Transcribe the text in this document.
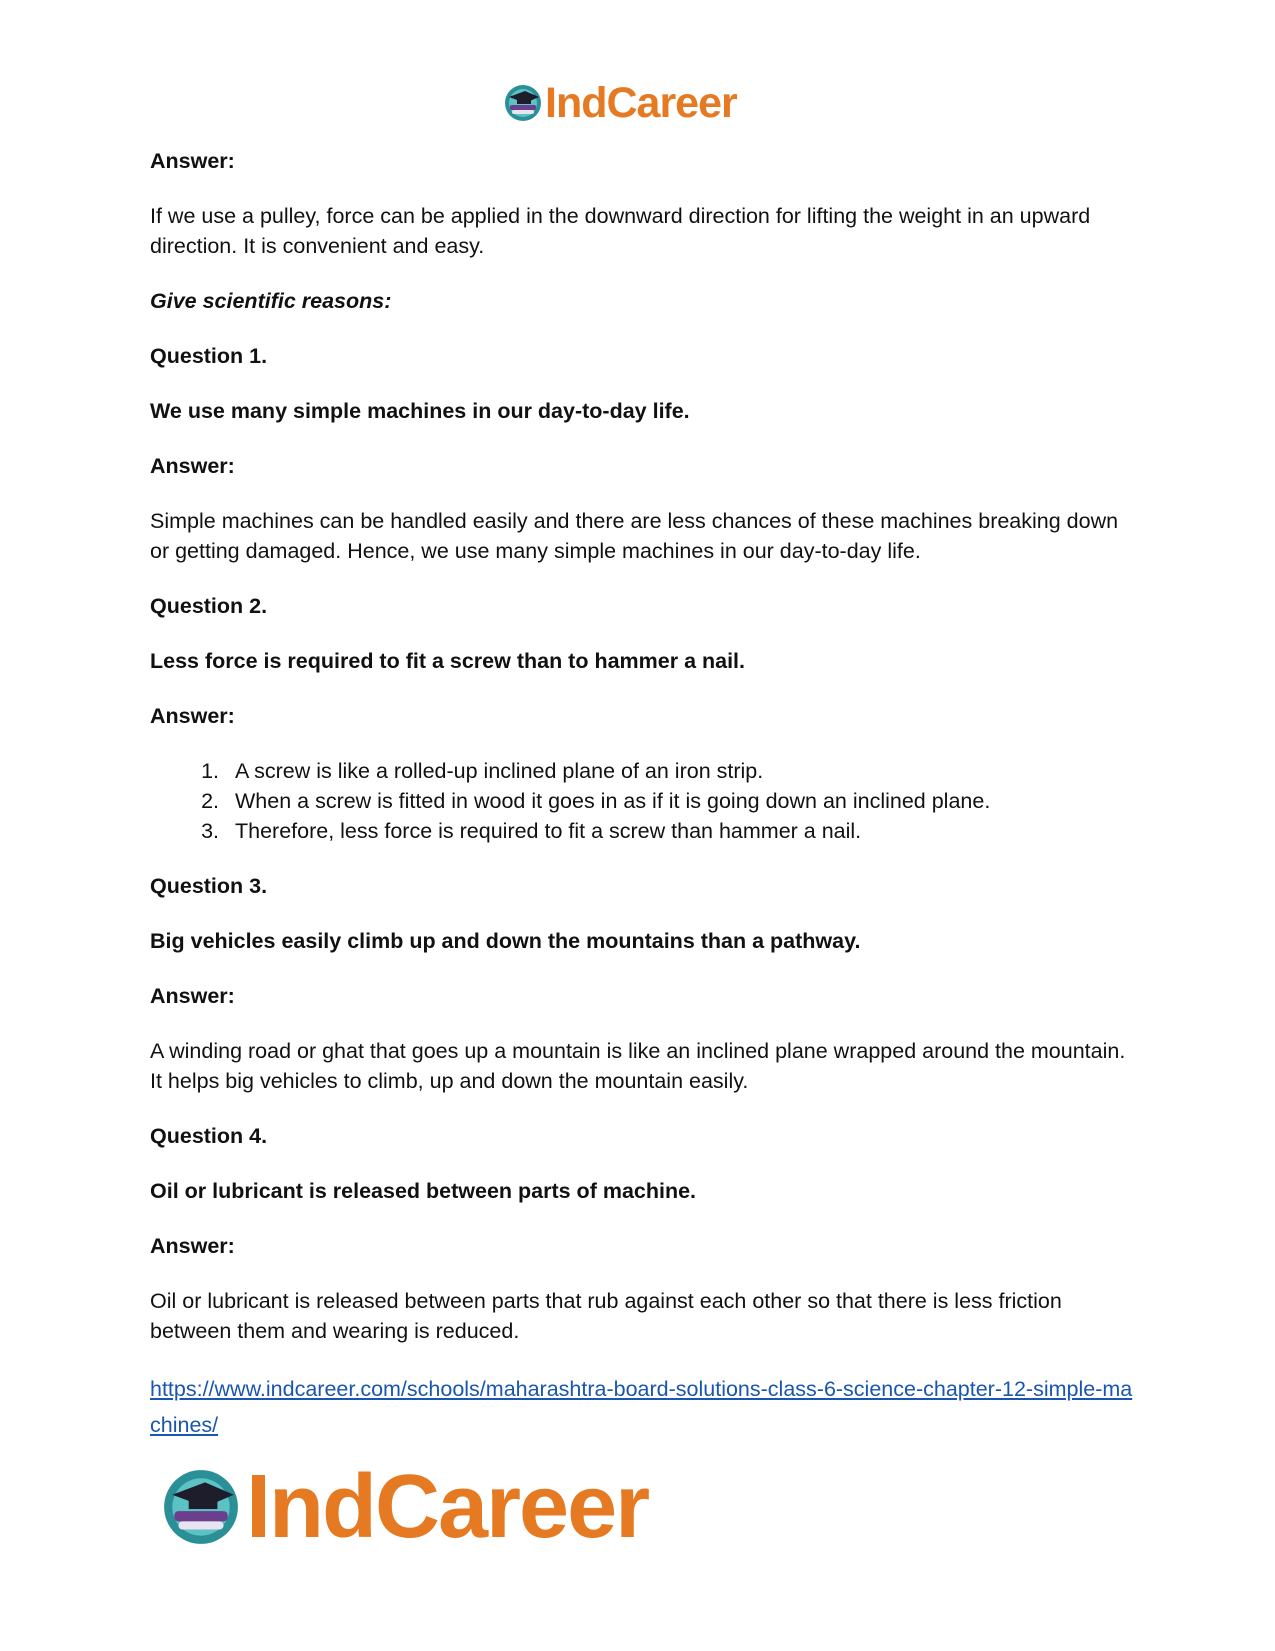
IndCareer

Answer:

If we use a pulley, force can be applied in the downward direction for lifting the weight in an upward direction. It is convenient and easy.

Give scientific reasons:

Question 1.

We use many simple machines in our day-to-day life.

Answer:

Simple machines can be handled easily and there are less chances of these machines breaking down or getting damaged. Hence, we use many simple machines in our day-to-day life.

Question 2.

Less force is required to fit a screw than to hammer a nail.

Answer:

1. A screw is like a rolled-up inclined plane of an iron strip.
2. When a screw is fitted in wood it goes in as if it is going down an inclined plane.
3. Therefore, less force is required to fit a screw than hammer a nail.

Question 3.

Big vehicles easily climb up and down the mountains than a pathway.

Answer:

A winding road or ghat that goes up a mountain is like an inclined plane wrapped around the mountain. It helps big vehicles to climb, up and down the mountain easily.

Question 4.

Oil or lubricant is released between parts of machine.

Answer:

Oil or lubricant is released between parts that rub against each other so that there is less friction between them and wearing is reduced.

https://www.indcareer.com/schools/maharashtra-board-solutions-class-6-science-chapter-12-simple-machines/
IndCareer
